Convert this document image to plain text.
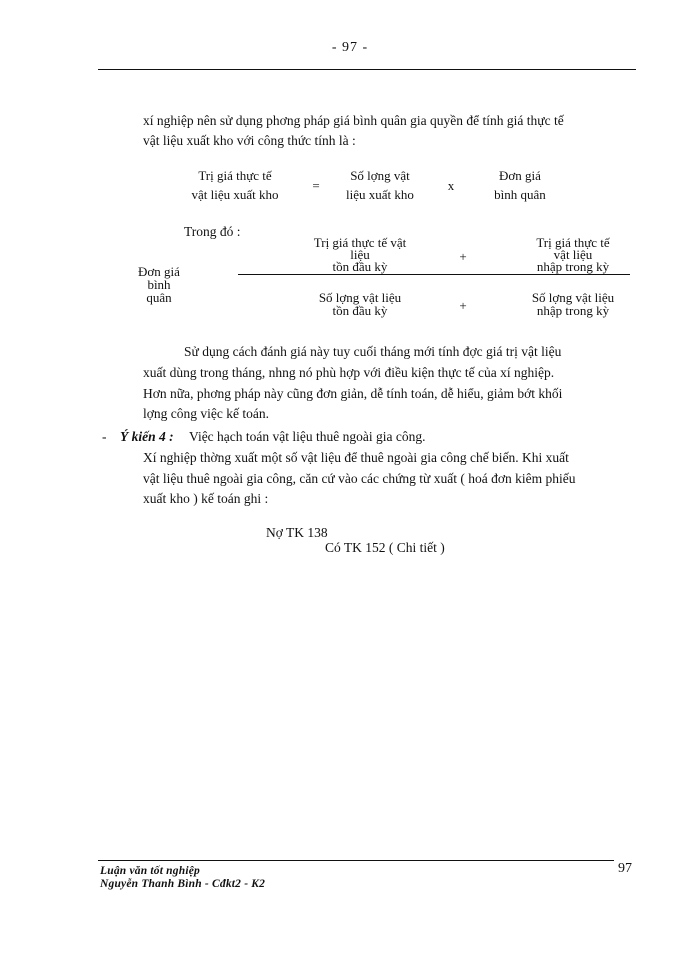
- 97 -
xí nghiệp nên sử dụng phơng pháp giá bình quân gia quyền để tính giá thực tế
vật liệu xuất kho với công thức tính là :
Trị giá thực tế
vật liệu xuất kho
=
Số lợng vật
liệu xuất kho
x
Đơn giá
bình quân
Trong đó :
Đơn giá
bình
quân
Trị giá thực tế vật
liệu
tồn đầu kỳ
+
Trị giá thực tế
vật liệu
nhập trong kỳ
Số lợng vật liệu
tồn đầu kỳ	+
Số lợng vật liệu
nhập trong kỳ
Sử dụng cách đánh giá này tuy cuối tháng mới tính đợc giá trị vật liệu
xuất dùng trong tháng, nhng nó phù hợp với điều kiện thực tế của xí nghiệp.
Hơn nữa, phơng pháp này cũng đơn giản, dễ tính toán, dễ hiểu, giảm bớt khối
lợng công việc kế toán.
- Ý kiến 4 : Việc hạch toán vật liệu thuê ngoài gia công.
Xí nghiệp thờng xuất một số vật liệu để thuê ngoài gia công chế biến. Khi xuất
vật liệu thuê ngoài gia công, căn cứ vào các chứng từ xuất ( hoá đơn kiêm phiếu
xuất kho ) kế toán ghi :
Nợ TK 138
Có TK 152 ( Chi tiết )
Luận văn tốt nghiệp
Nguyễn Thanh Bình - Cđkt2 - K2
97
